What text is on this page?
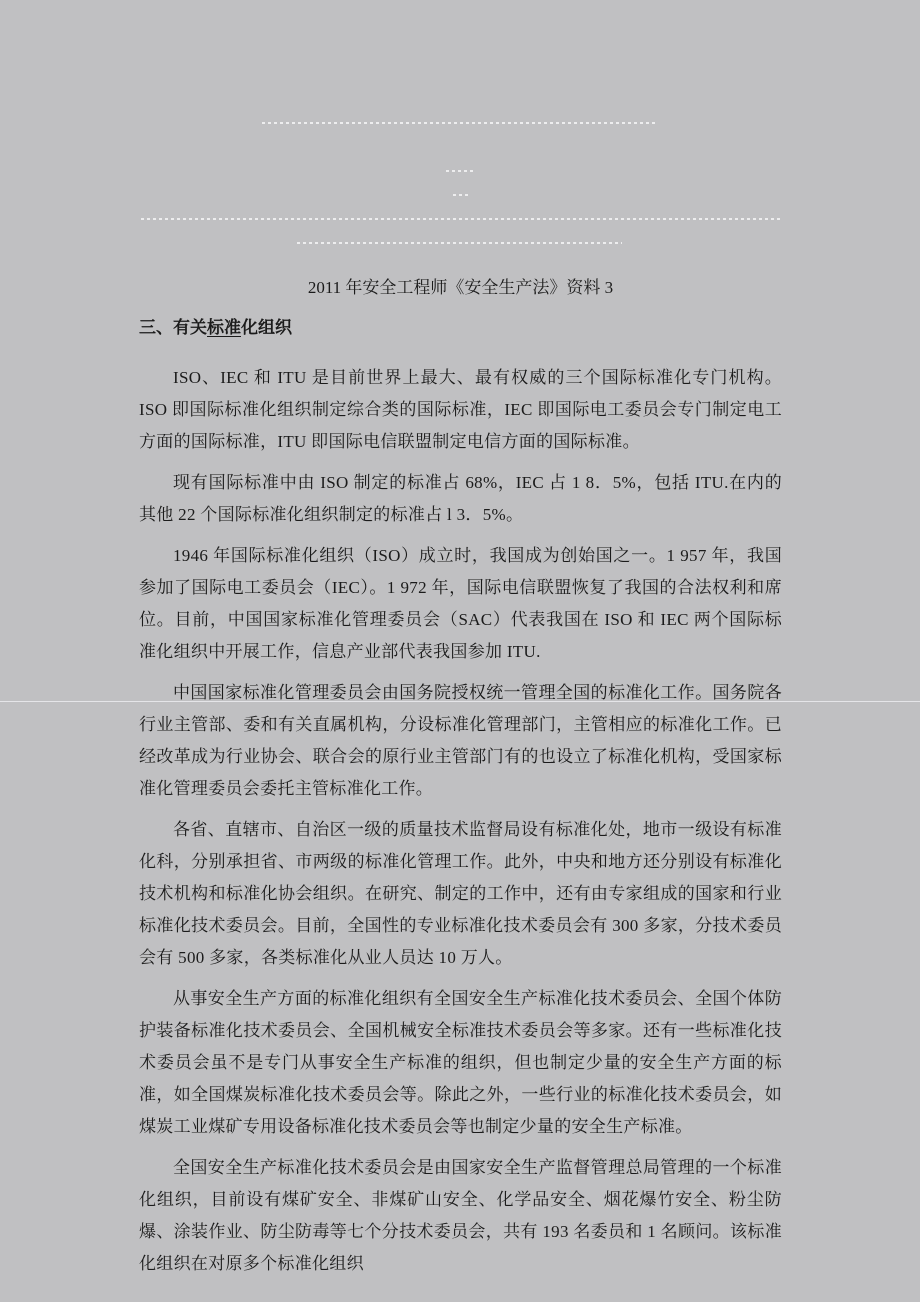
2011 年安全工程师《安全生产法》资料 3

三、有关标准化组织

ISO、IEC 和 ITU 是目前世界上最大、最有权威的三个国际标准化专门机构。ISO 即国际标准化组织制定综合类的国际标准，IEC 即国际电工委员会专门制定电工方面的国际标准，ITU 即国际电信联盟制定电信方面的国际标准。

现有国际标准中由 ISO 制定的标准占 68%，IEC 占 1 8．5%，包括 ITU.在内的其他 22 个国际标准化组织制定的标准占 l 3．5%。

1946 年国际标准化组织（ISO）成立时，我国成为创始国之一。1 957 年，我国参加了国际电工委员会（IEC）。1 972 年，国际电信联盟恢复了我国的合法权利和席位。目前，中国国家标准化管理委员会（SAC）代表我国在 ISO 和 IEC 两个国际标准化组织中开展工作，信息产业部代表我国参加 ITU.

中国国家标准化管理委员会由国务院授权统一管理全国的标准化工作。国务院各行业主管部、委和有关直属机构，分设标准化管理部门，主管相应的标准化工作。已经改革成为行业协会、联合会的原行业主管部门有的也设立了标准化机构，受国家标准化管理委员会委托主管标准化工作。

各省、直辖市、自治区一级的质量技术监督局设有标准化处，地市一级设有标准化科，分别承担省、市两级的标准化管理工作。此外，中央和地方还分别设有标准化技术机构和标准化协会组织。在研究、制定的工作中，还有由专家组成的国家和行业标准化技术委员会。目前，全国性的专业标准化技术委员会有 300 多家，分技术委员会有 500 多家，各类标准化从业人员达 10 万人。

从事安全生产方面的标准化组织有全国安全生产标准化技术委员会、全国个体防护装备标准化技术委员会、全国机械安全标准技术委员会等多家。还有一些标准化技术委员会虽不是专门从事安全生产标准的组织，但也制定少量的安全生产方面的标准，如全国煤炭标准化技术委员会等。除此之外，一些行业的标准化技术委员会，如煤炭工业煤矿专用设备标准化技术委员会等也制定少量的安全生产标准。

全国安全生产标准化技术委员会是由国家安全生产监督管理总局管理的一个标准化组织，目前设有煤矿安全、非煤矿山安全、化学品安全、烟花爆竹安全、粉尘防爆、涂装作业、防尘防毒等七个分技术委员会，共有 193 名委员和 1 名顾问。该标准化组织在对原多个标准化组织
